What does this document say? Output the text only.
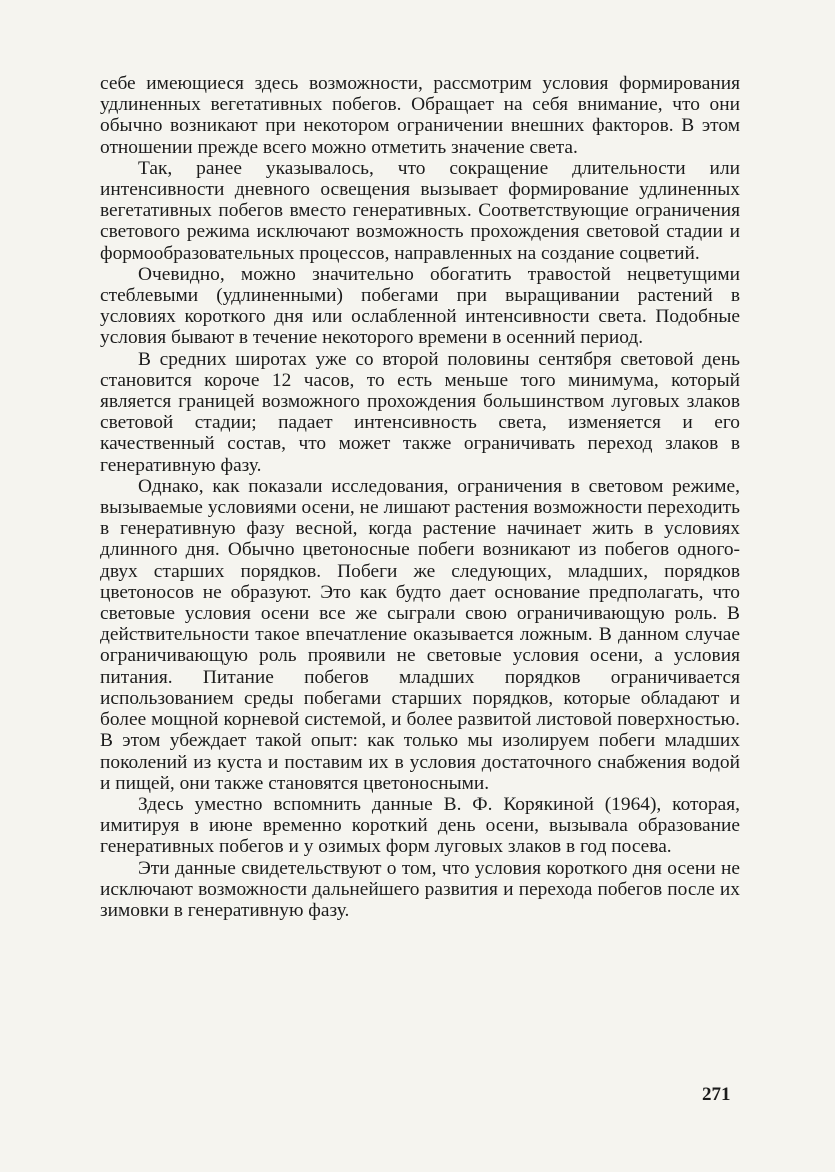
себе имеющиеся здесь возможности, рассмотрим условия формирования удлиненных вегетативных побегов. Обращает на себя внимание, что они обычно возникают при некотором ограничении внешних факторов. В этом отношении прежде всего можно отметить значение света.

Так, ранее указывалось, что сокращение длительности или интенсивности дневного освещения вызывает формирование удлиненных вегетативных побегов вместо генеративных. Соответствующие ограничения светового режима исключают возможность прохождения световой стадии и формообразовательных процессов, направленных на создание соцветий.

Очевидно, можно значительно обогатить травостой нецветущими стеблевыми (удлиненными) побегами при выращивании растений в условиях короткого дня или ослабленной интенсивности света. Подобные условия бывают в течение некоторого времени в осенний период.

В средних широтах уже со второй половины сентября световой день становится короче 12 часов, то есть меньше того минимума, который является границей возможного прохождения большинством луговых злаков световой стадии; падает интенсивность света, изменяется и его качественный состав, что может также ограничивать переход злаков в генеративную фазу.

Однако, как показали исследования, ограничения в световом режиме, вызываемые условиями осени, не лишают растения возможности переходить в генеративную фазу весной, когда растение начинает жить в условиях длинного дня. Обычно цветоносные побеги возникают из побегов одного-двух старших порядков. Побеги же следующих, младших, порядков цветоносов не образуют. Это как будто дает основание предполагать, что световые условия осени все же сыграли свою ограничивающую роль. В действительности такое впечатление оказывается ложным. В данном случае ограничивающую роль проявили не световые условия осени, а условия питания. Питание побегов младших порядков ограничивается использованием среды побегами старших порядков, которые обладают и более мощной корневой системой, и более развитой листовой поверхностью. В этом убеждает такой опыт: как только мы изолируем побеги младших поколений из куста и поставим их в условия достаточного снабжения водой и пищей, они также становятся цветоносными.

Здесь уместно вспомнить данные В. Ф. Корякиной (1964), которая, имитируя в июне временно короткий день осени, вызывала образование генеративных побегов и у озимых форм луговых злаков в год посева.

Эти данные свидетельствуют о том, что условия короткого дня осени не исключают возможности дальнейшего развития и перехода побегов после их зимовки в генеративную фазу.

271
